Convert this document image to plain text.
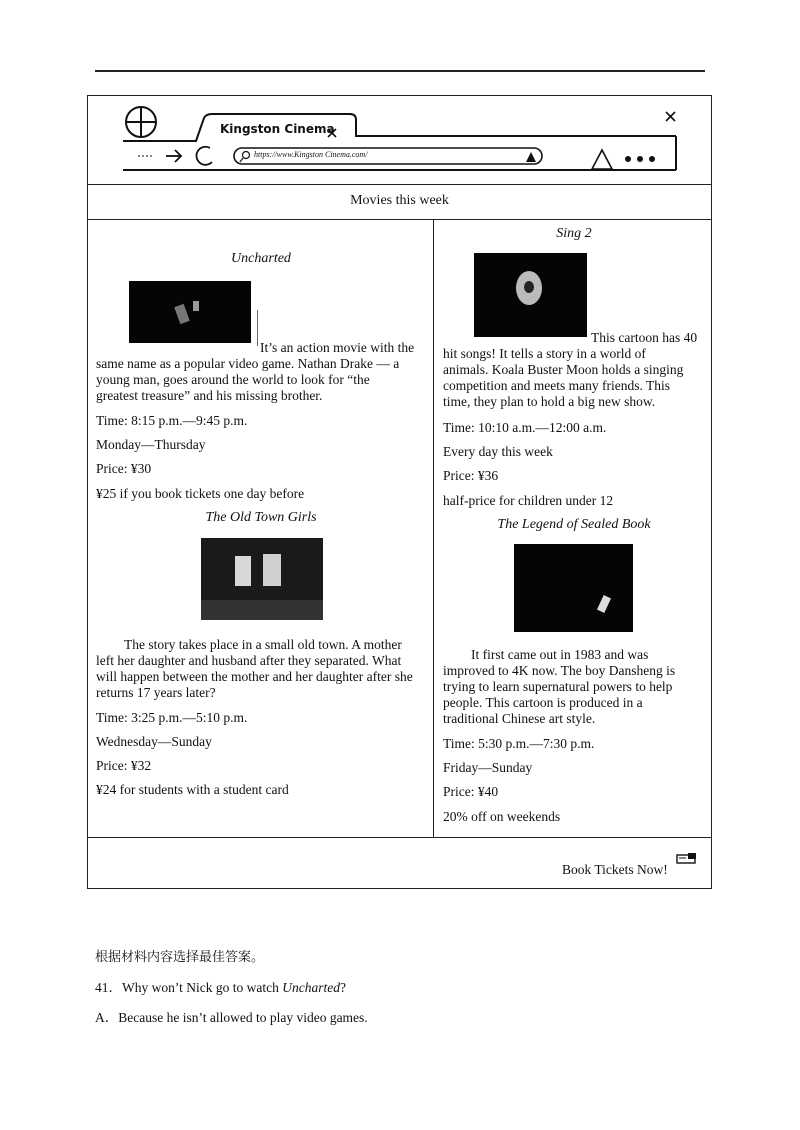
Kingston Cinema
https://www.Kingston Cinema.com/
Movies this week
Uncharted
It’s an action movie with the
same name as a popular video game. Nathan Drake — a
young man, goes around the world to look for “the
greatest treasure” and his missing brother.
Time: 8:15 p.m.—9:45 p.m.
Monday—Thursday
Price: ¥30
¥25 if you book tickets one day before
The Old Town Girls
The story takes place in a small old town. A mother
left her daughter and husband after they separated. What
will happen between the mother and her daughter after she
returns 17 years later?
Time: 3:25 p.m.—5:10 p.m.
Wednesday—Sunday
Price: ¥32
¥24 for students with a student card
Sing 2
This cartoon has 40
hit songs! It tells a story in a world of
animals. Koala Buster Moon holds a singing
competition and meets many friends. This
time, they plan to hold a big new show.
Time: 10:10 a.m.—12:00 a.m.
Every day this week
Price: ¥36
half-price for children under 12
The Legend of Sealed Book
It first came out in 1983 and was
improved to 4K now. The boy Dansheng is
trying to learn supernatural powers to help
people. This cartoon is produced in a
traditional Chinese art style.
Time: 5:30 p.m.—7:30 p.m.
Friday—Sunday
Price: ¥40
20% off on weekends
Book Tickets Now!
根据材料内容选择最佳答案。
41．Why won’t Nick go to watch Uncharted?
A．Because he isn’t allowed to play video games.
